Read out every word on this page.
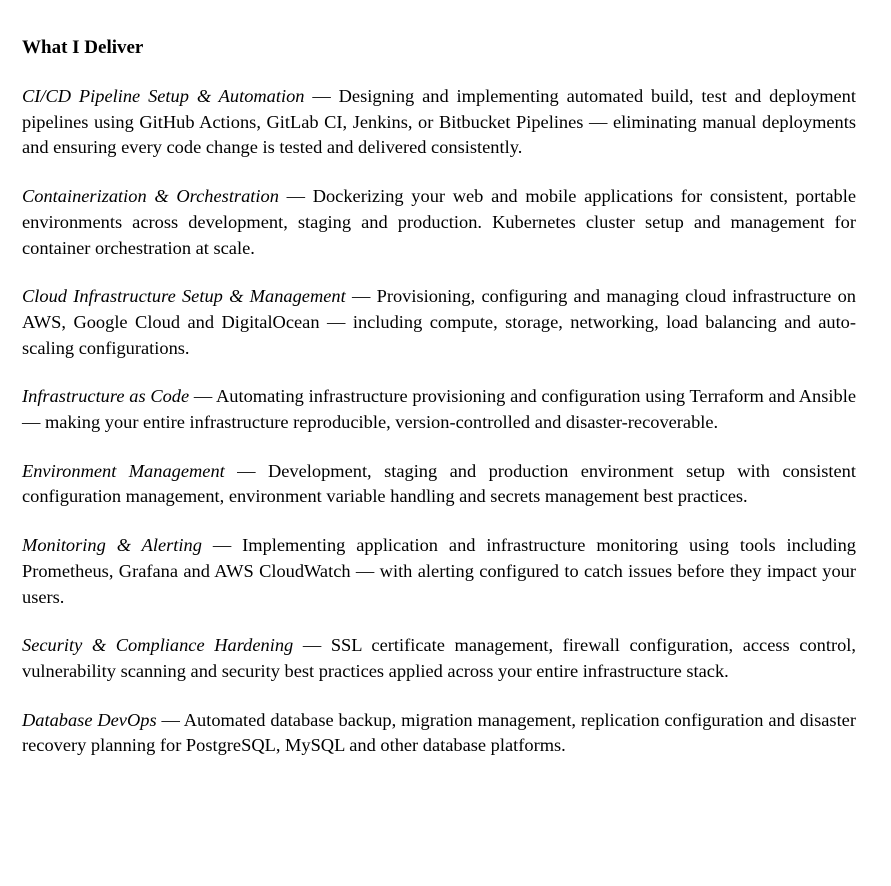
What I Deliver

CI/CD Pipeline Setup & Automation — Designing and implementing automated build, test and deployment pipelines using GitHub Actions, GitLab CI, Jenkins, or Bitbucket Pipelines — eliminating manual deployments and ensuring every code change is tested and delivered consistently.

Containerization & Orchestration — Dockerizing your web and mobile applications for consistent, portable environments across development, staging and production. Kubernetes cluster setup and management for container orchestration at scale.

Cloud Infrastructure Setup & Management — Provisioning, configuring and managing cloud infrastructure on AWS, Google Cloud and DigitalOcean — including compute, storage, networking, load balancing and auto-scaling configurations.

Infrastructure as Code — Automating infrastructure provisioning and configuration using Terraform and Ansible — making your entire infrastructure reproducible, version-controlled and disaster-recoverable.

Environment Management — Development, staging and production environment setup with consistent configuration management, environment variable handling and secrets management best practices.

Monitoring & Alerting — Implementing application and infrastructure monitoring using tools including Prometheus, Grafana and AWS CloudWatch — with alerting configured to catch issues before they impact your users.

Security & Compliance Hardening — SSL certificate management, firewall configuration, access control, vulnerability scanning and security best practices applied across your entire infrastructure stack.

Database DevOps — Automated database backup, migration management, replication configuration and disaster recovery planning for PostgreSQL, MySQL and other database platforms.
